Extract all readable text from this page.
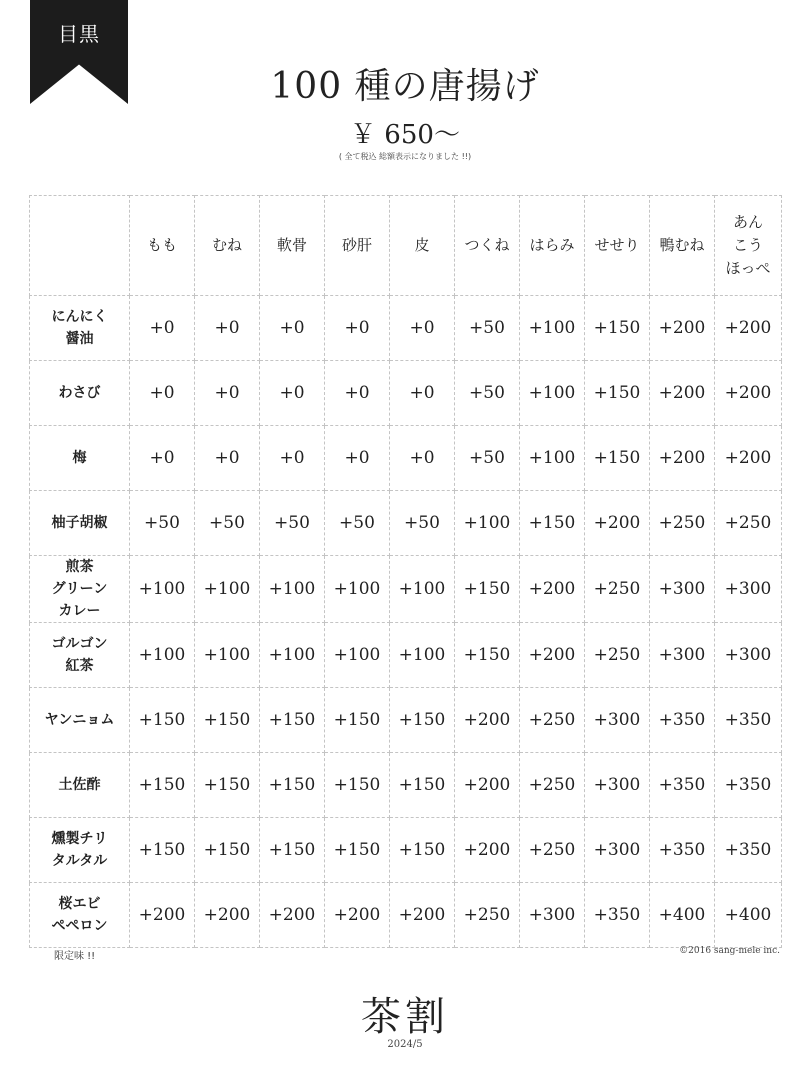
目黒
100 種の唐揚げ
￥ 650〜
( 全て税込 総額表示になりました !!)
	もも	むね	軟骨	砂肝	皮	つくね	はらみ	せせり	鴨むね	あん
こう
ほっぺ
にんにく
醤油	+0	+0	+0	+0	+0	+50	+100	+150	+200	+200
わさび	+0	+0	+0	+0	+0	+50	+100	+150	+200	+200
梅	+0	+0	+0	+0	+0	+50	+100	+150	+200	+200
柚子胡椒	+50	+50	+50	+50	+50	+100	+150	+200	+250	+250
煎茶
グリーン
カレー	+100	+100	+100	+100	+100	+150	+200	+250	+300	+300
ゴルゴン
紅茶	+100	+100	+100	+100	+100	+150	+200	+250	+300	+300
ヤンニョム	+150	+150	+150	+150	+150	+200	+250	+300	+350	+350
土佐酢	+150	+150	+150	+150	+150	+200	+250	+300	+350	+350
燻製チリ
タルタル	+150	+150	+150	+150	+150	+200	+250	+300	+350	+350
桜エビ
ペペロン	+200	+200	+200	+200	+200	+250	+300	+350	+400	+400
限定味 !!	©2016 sang-mele inc.
茶割
2024/5
